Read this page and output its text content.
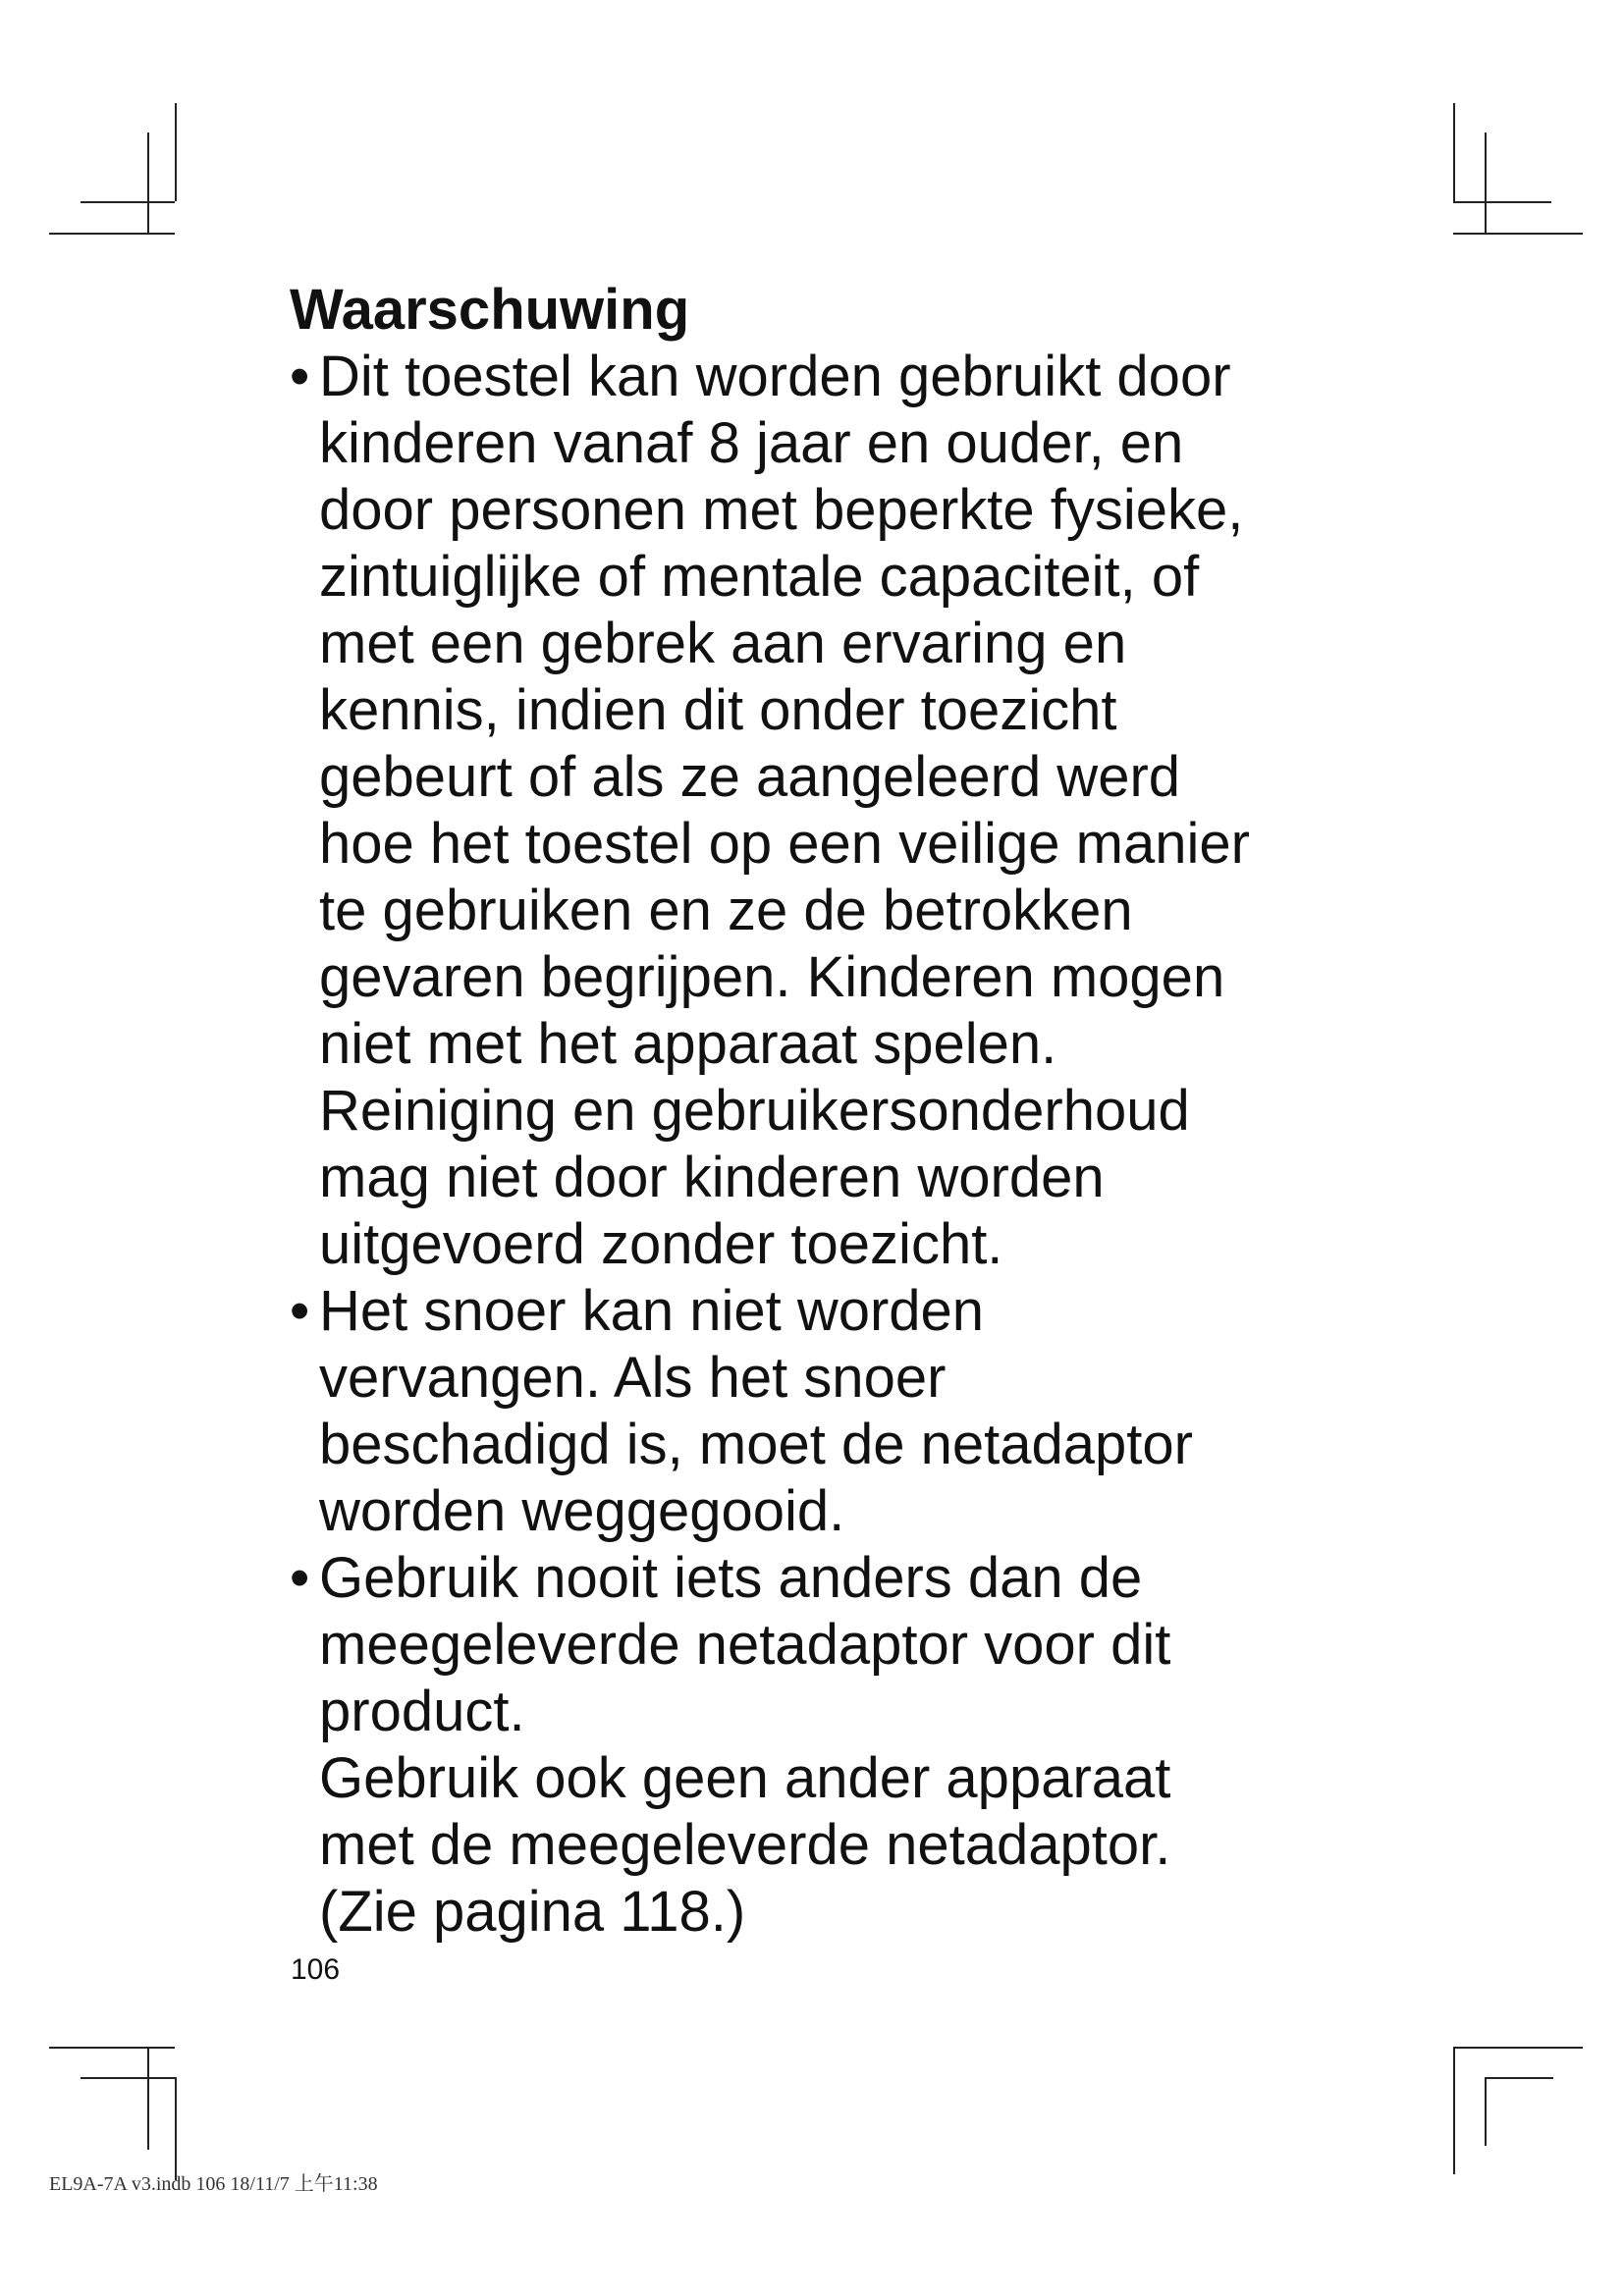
Waarschuwing
• Dit toestel kan worden gebruikt door
kinderen vanaf 8 jaar en ouder, en
door personen met beperkte fysieke,
zintuiglijke of mentale capaciteit, of
met een gebrek aan ervaring en
kennis, indien dit onder toezicht
gebeurt of als ze aangeleerd werd
hoe het toestel op een veilige manier
te gebruiken en ze de betrokken
gevaren begrijpen. Kinderen mogen
niet met het apparaat spelen.
Reiniging en gebruikersonderhoud
mag niet door kinderen worden
uitgevoerd zonder toezicht.
• Het snoer kan niet worden
vervangen. Als het snoer
beschadigd is, moet de netadaptor
worden weggegooid.
• Gebruik nooit iets anders dan de
meegeleverde netadaptor voor dit
product.
Gebruik ook geen ander apparaat
met de meegeleverde netadaptor.
(Zie pagina 118.)
106
EL9A-7A v3.indb 106 18/11/7 上午11:38
